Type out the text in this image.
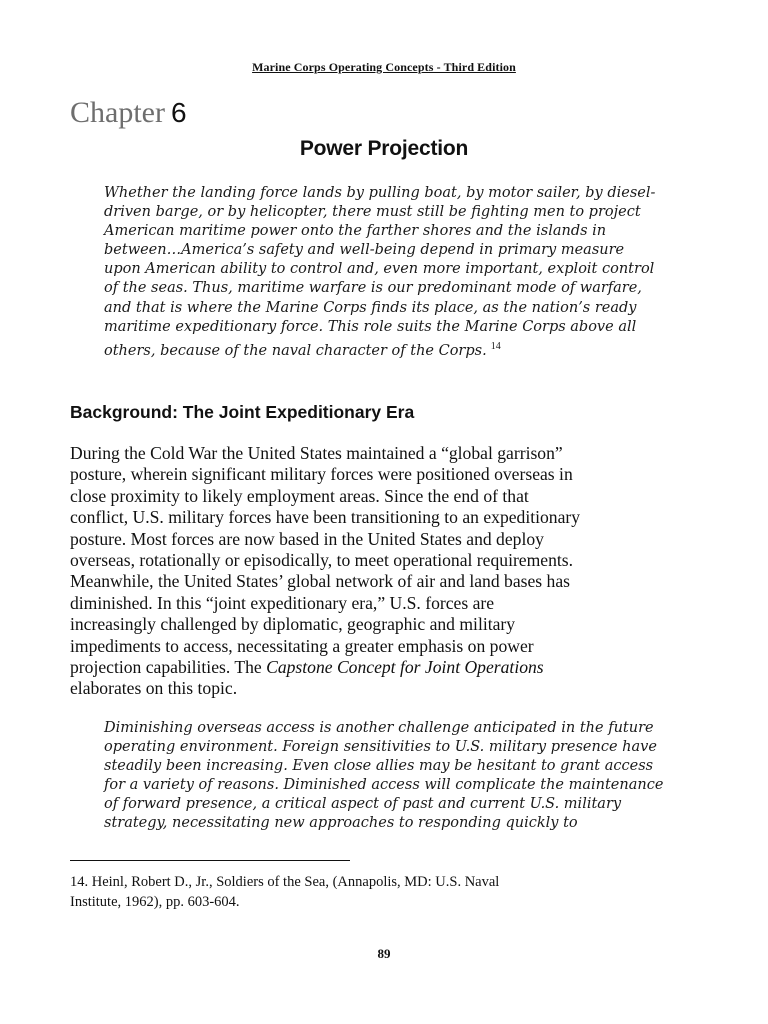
Marine Corps Operating Concepts - Third Edition
Chapter 6
Power Projection
Whether the landing force lands by pulling boat, by motor sailer, by diesel-
driven barge, or by helicopter, there must still be fighting men to project
American maritime power onto the farther shores and the islands in
between…America’s safety and well-being depend in primary measure
upon American ability to control and, even more important, exploit control
of the seas. Thus, maritime warfare is our predominant mode of warfare,
and that is where the Marine Corps finds its place, as the nation’s ready
maritime expeditionary force. This role suits the Marine Corps above all
others, because of the naval character of the Corps. $^{14}$
Background: The Joint Expeditionary Era
During the Cold War the United States maintained a “global garrison”
posture, wherein significant military forces were positioned overseas in
close proximity to likely employment areas. Since the end of that
conflict, U.S. military forces have been transitioning to an expeditionary
posture. Most forces are now based in the United States and deploy
overseas, rotationally or episodically, to meet operational requirements.
Meanwhile, the United States’ global network of air and land bases has
diminished. In this “joint expeditionary era,” U.S. forces are
increasingly challenged by diplomatic, geographic and military
impediments to access, necessitating a greater emphasis on power
projection capabilities. The Capstone Concept for Joint Operations
elaborates on this topic.
Diminishing overseas access is another challenge anticipated in the future
operating environment. Foreign sensitivities to U.S. military presence have
steadily been increasing. Even close allies may be hesitant to grant access
for a variety of reasons. Diminished access will complicate the maintenance
of forward presence, a critical aspect of past and current U.S. military
strategy, necessitating new approaches to responding quickly to
14. Heinl, Robert D., Jr., Soldiers of the Sea, (Annapolis, MD: U.S. Naval
Institute, 1962), pp. 603-604.
89
